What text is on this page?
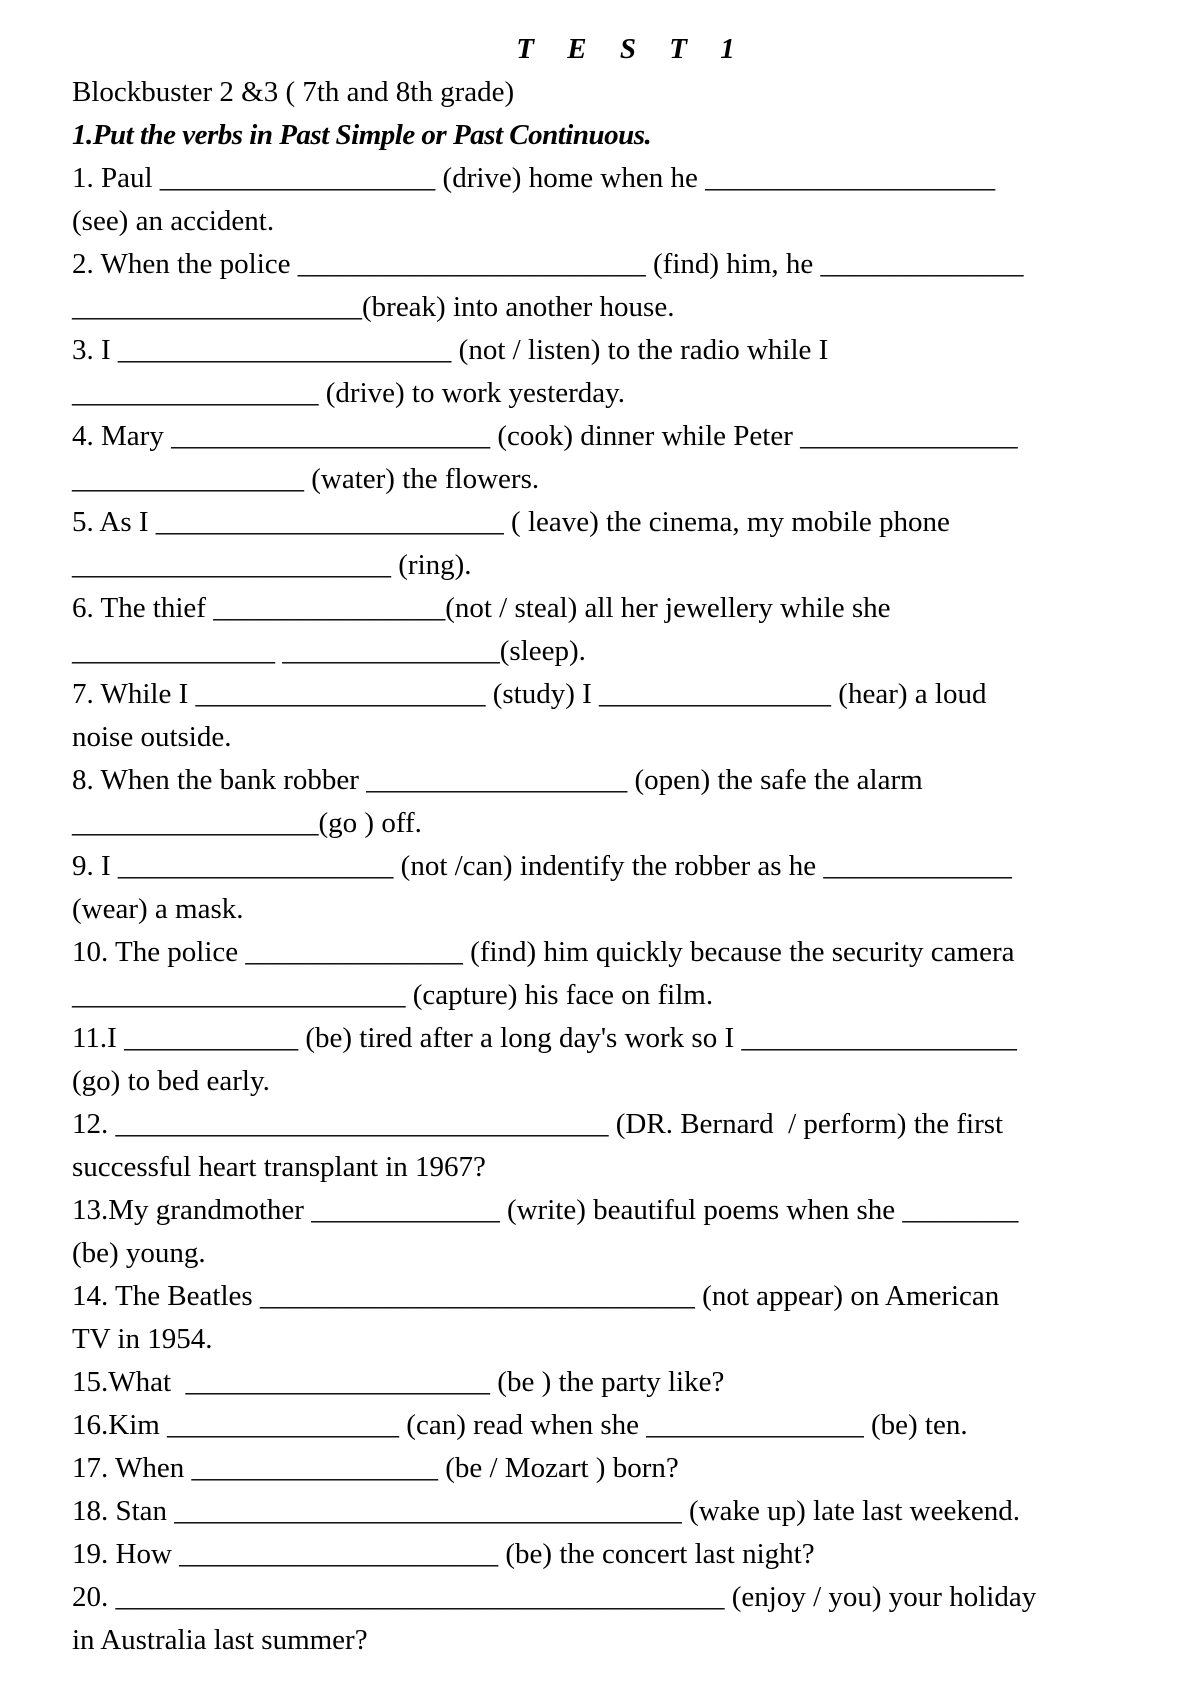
T E S T 1
Blockbuster 2 &3 ( 7th and 8th grade)
1.Put the verbs in Past Simple or Past Continuous.
1. Paul ___________________ (drive) home when he ____________________
(see) an accident.
2. When the police ________________________ (find) him, he ______________
____________________(break) into another house.
3. I _______________________ (not / listen) to the radio while I
_________________ (drive) to work yesterday.
4. Mary ______________________ (cook) dinner while Peter _______________
________________ (water) the flowers.
5. As I ________________________ ( leave) the cinema, my mobile phone
______________________ (ring).
6. The thief ________________(not / steal) all her jewellery while she
______________ _______________(sleep).
7. While I ____________________ (study) I ________________ (hear) a loud
noise outside.
8. When the bank robber __________________ (open) the safe the alarm
_________________(go ) off.
9. I ___________________ (not /can) indentify the robber as he _____________
(wear) a mask.
10. The police _______________ (find) him quickly because the security camera
_______________________ (capture) his face on film.
11.I ____________ (be) tired after a long day's work so I ___________________
(go) to bed early.
12. __________________________________ (DR. Bernard  / perform) the first
successful heart transplant in 1967?
13.My grandmother _____________ (write) beautiful poems when she ________
(be) young.
14. The Beatles ______________________________ (not appear) on American
TV in 1954.
15.What  _____________________ (be ) the party like?
16.Kim ________________ (can) read when she _______________ (be) ten.
17. When _________________ (be / Mozart ) born?
18. Stan ___________________________________ (wake up) late last weekend.
19. How ______________________ (be) the concert last night?
20. __________________________________________ (enjoy / you) your holiday
in Australia last summer?
